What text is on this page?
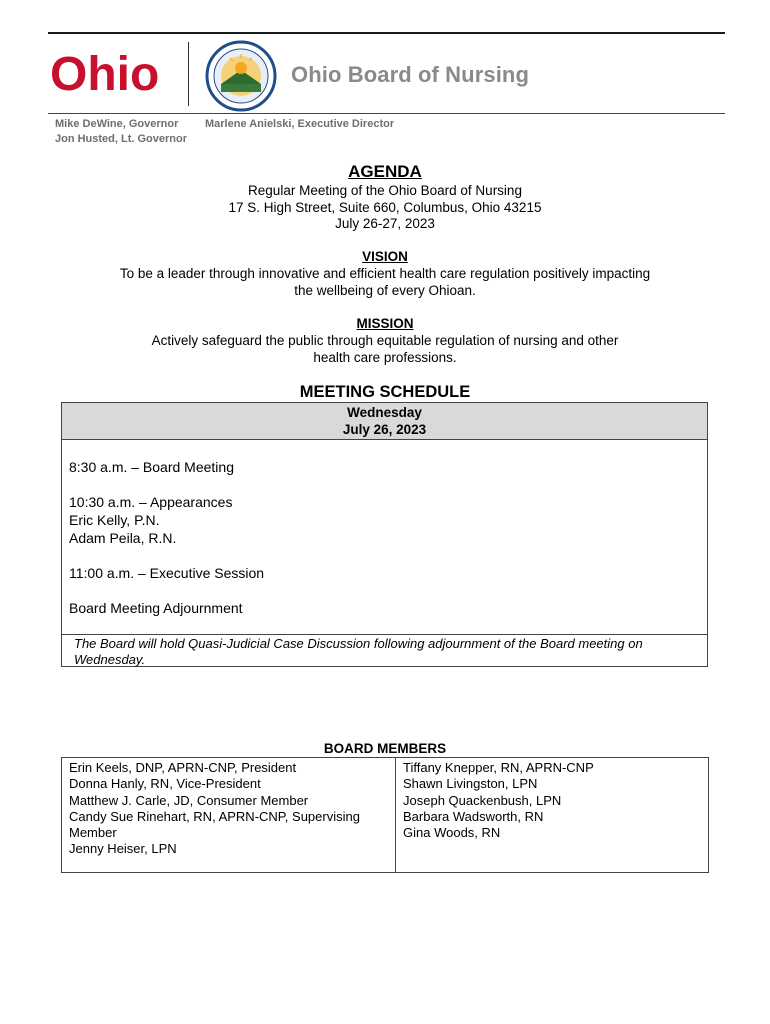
Ohio	Ohio Board of Nursing
Mike DeWine, Governor
Jon Husted, Lt. Governor
Marlene Anielski, Executive Director
AGENDA
Regular Meeting of the Ohio Board of Nursing
17 S. High Street, Suite 660, Columbus, Ohio 43215
July 26-27, 2023
VISION
To be a leader through innovative and efficient health care regulation positively impacting
the wellbeing of every Ohioan.
MISSION
Actively safeguard the public through equitable regulation of nursing and other
health care professions.
MEETING SCHEDULE
Wednesday
July 26, 2023
8:30 a.m. – Board Meeting
10:30 a.m. – Appearances
Eric Kelly, P.N.
Adam Peila, R.N.
11:00 a.m. – Executive Session
Board Meeting Adjournment
The Board will hold Quasi-Judicial Case Discussion following adjournment of the Board meeting on Wednesday.
BOARD MEMBERS
Erin Keels, DNP, APRN-CNP, President
Donna Hanly, RN, Vice-President
Matthew J. Carle, JD, Consumer Member
Candy Sue Rinehart, RN, APRN-CNP, Supervising
Member
Jenny Heiser, LPN
Tiffany Knepper, RN, APRN-CNP
Shawn Livingston, LPN
Joseph Quackenbush, LPN
Barbara Wadsworth, RN
Gina Woods, RN
